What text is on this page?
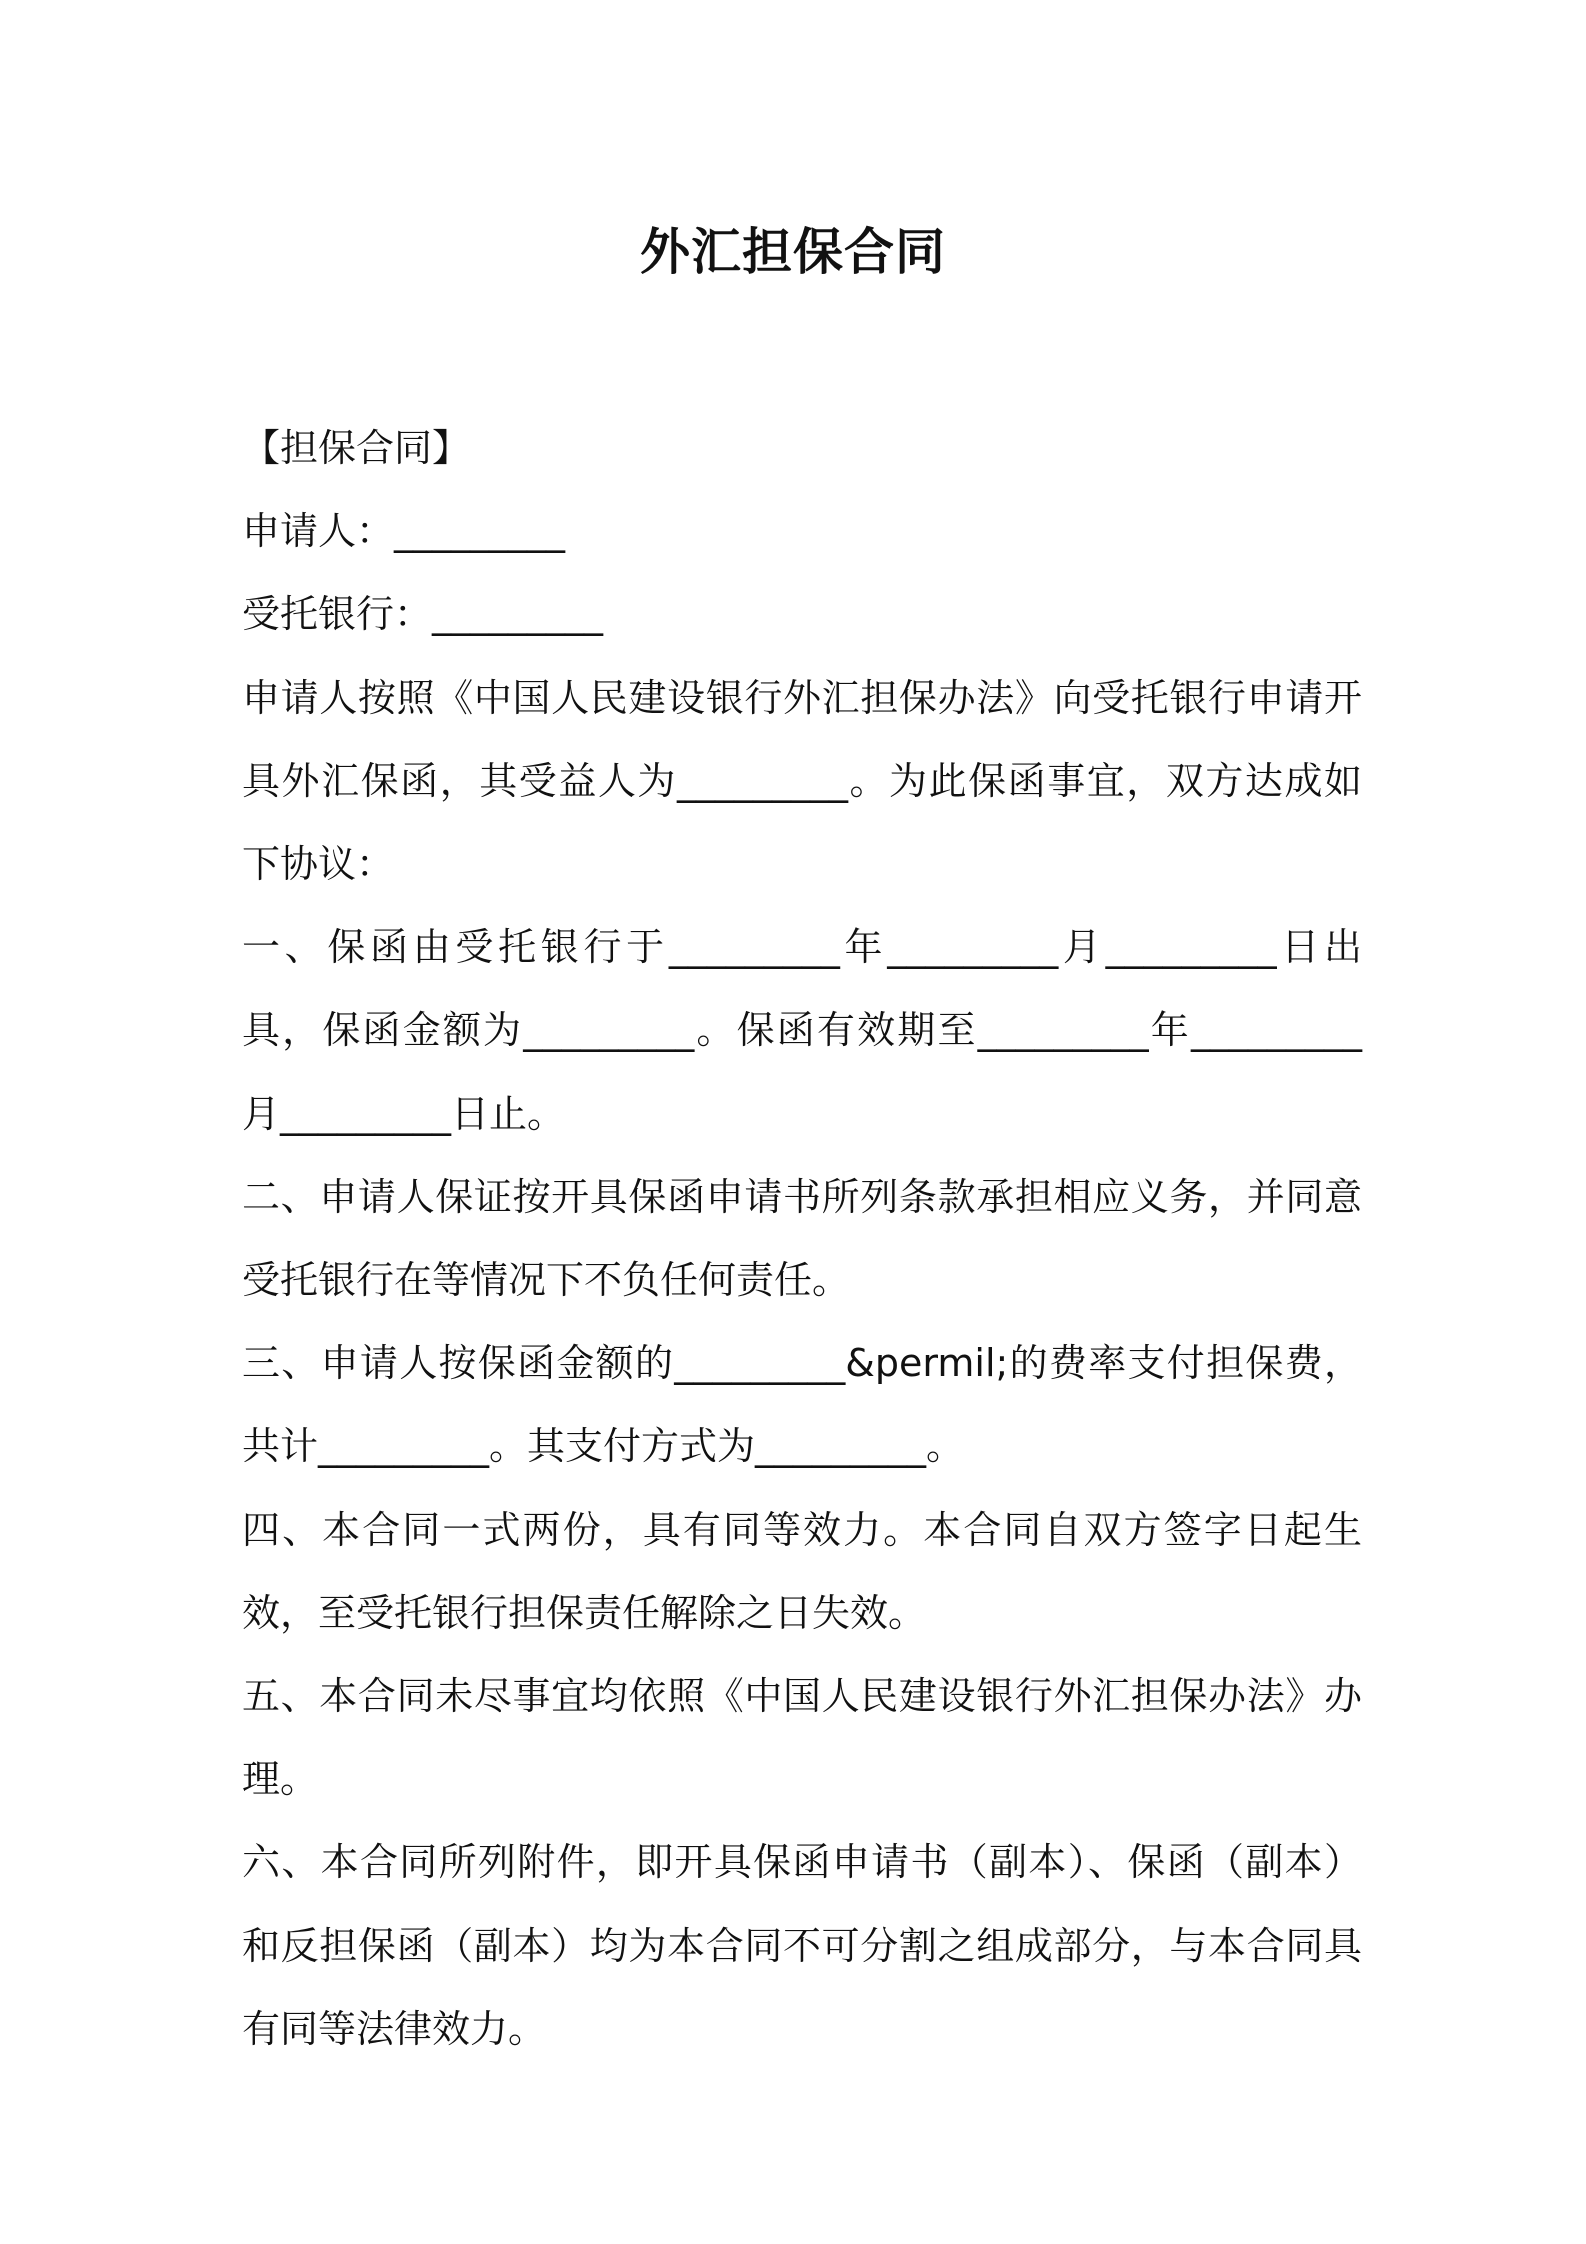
外汇担保合同

【担保合同】

申请人：_________

受托银行：_________

申请人按照《中国人民建设银行外汇担保办法》向受托银行申请开具外汇保函，其受益人为_________。为此保函事宜，双方达成如下协议：

一、保函由受托银行于_________年_________月_________日出具，保函金额为_________。保函有效期至_________年_________月_________日止。

二、申请人保证按开具保函申请书所列条款承担相应义务，并同意受托银行在等情况下不负任何责任。

三、申请人按保函金额的_________&permil;的费率支付担保费，共计_________。其支付方式为_________。

四、本合同一式两份，具有同等效力。本合同自双方签字日起生效，至受托银行担保责任解除之日失效。

五、本合同未尽事宜均依照《中国人民建设银行外汇担保办法》办理。

六、本合同所列附件，即开具保函申请书（副本）、保函（副本）和反担保函（副本）均为本合同不可分割之组成部分，与本合同具有同等法律效力。
